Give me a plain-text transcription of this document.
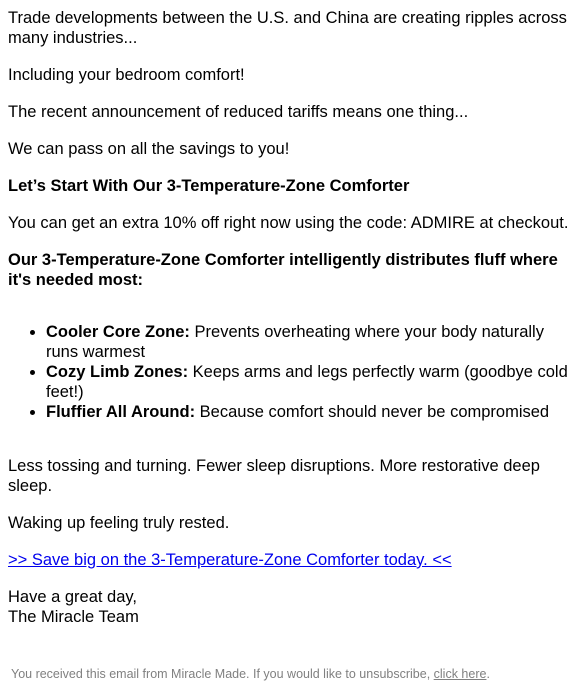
Trade developments between the U.S. and China are creating ripples across many industries...

Including your bedroom comfort!

The recent announcement of reduced tariffs means one thing...

We can pass on all the savings to you!

Let’s Start With Our 3-Temperature-Zone Comforter

You can get an extra 10% off right now using the code: ADMIRE at checkout.

Our 3-Temperature-Zone Comforter intelligently distributes fluff where it's needed most:

• Cooler Core Zone: Prevents overheating where your body naturally runs warmest
• Cozy Limb Zones: Keeps arms and legs perfectly warm (goodbye cold feet!)
• Fluffier All Around: Because comfort should never be compromised

Less tossing and turning. Fewer sleep disruptions. More restorative deep sleep.

Waking up feeling truly rested.

>> Save big on the 3-Temperature-Zone Comforter today. <<

Have a great day,
The Miracle Team

You received this email from Miracle Made. If you would like to unsubscribe, click here.
